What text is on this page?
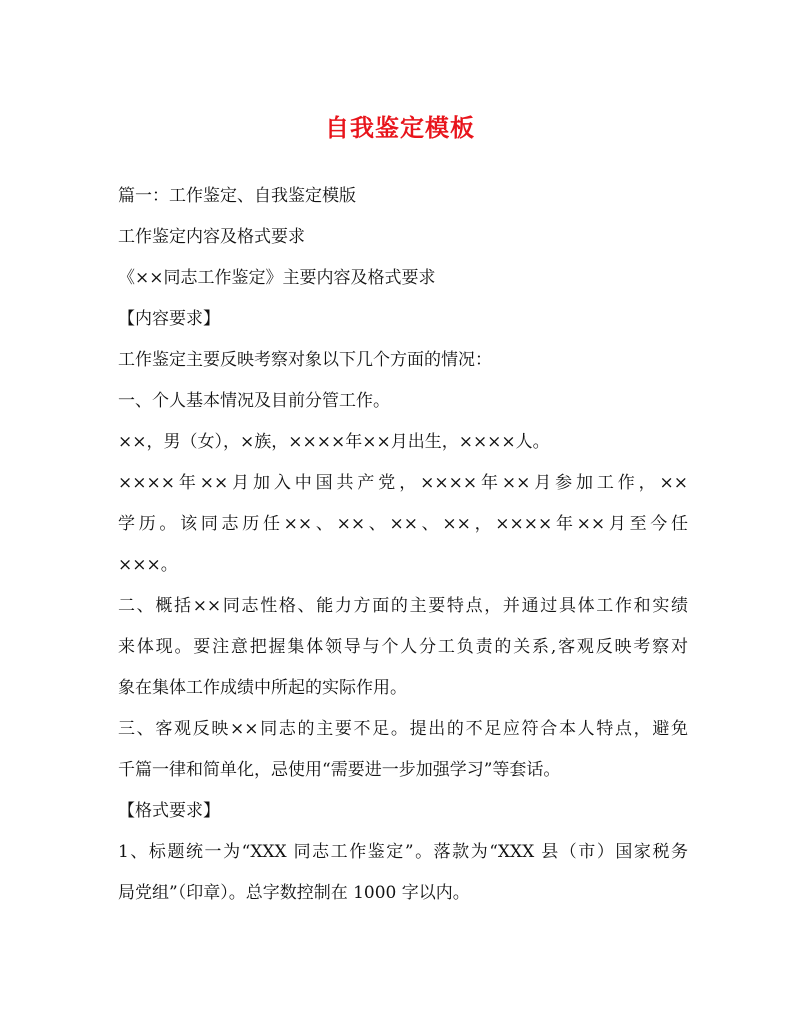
自我鉴定模板
篇一：工作鉴定、自我鉴定模版
工作鉴定内容及格式要求
《××同志工作鉴定》主要内容及格式要求
【内容要求】
工作鉴定主要反映考察对象以下几个方面的情况：
一、个人基本情况及目前分管工作。
××，男（女），×族，××××年××月出生，××××人。
××××年××月加入中国共产党，××××年××月参加工作，××
学历。该同志历任××、××、××、××，××××年××月至今任
×××。
二、概括××同志性格、能力方面的主要特点，并通过具体工作和实绩
来体现。要注意把握集体领导与个人分工负责的关系,客观反映考察对
象在集体工作成绩中所起的实际作用。
三、客观反映××同志的主要不足。提出的不足应符合本人特点，避免
千篇一律和简单化，忌使用“需要进一步加强学习”等套话。
【格式要求】
1、标题统一为“XXX 同志工作鉴定”。落款为“XXX 县（市）国家税务
局党组”（印章）。总字数控制在 1000 字以内。
